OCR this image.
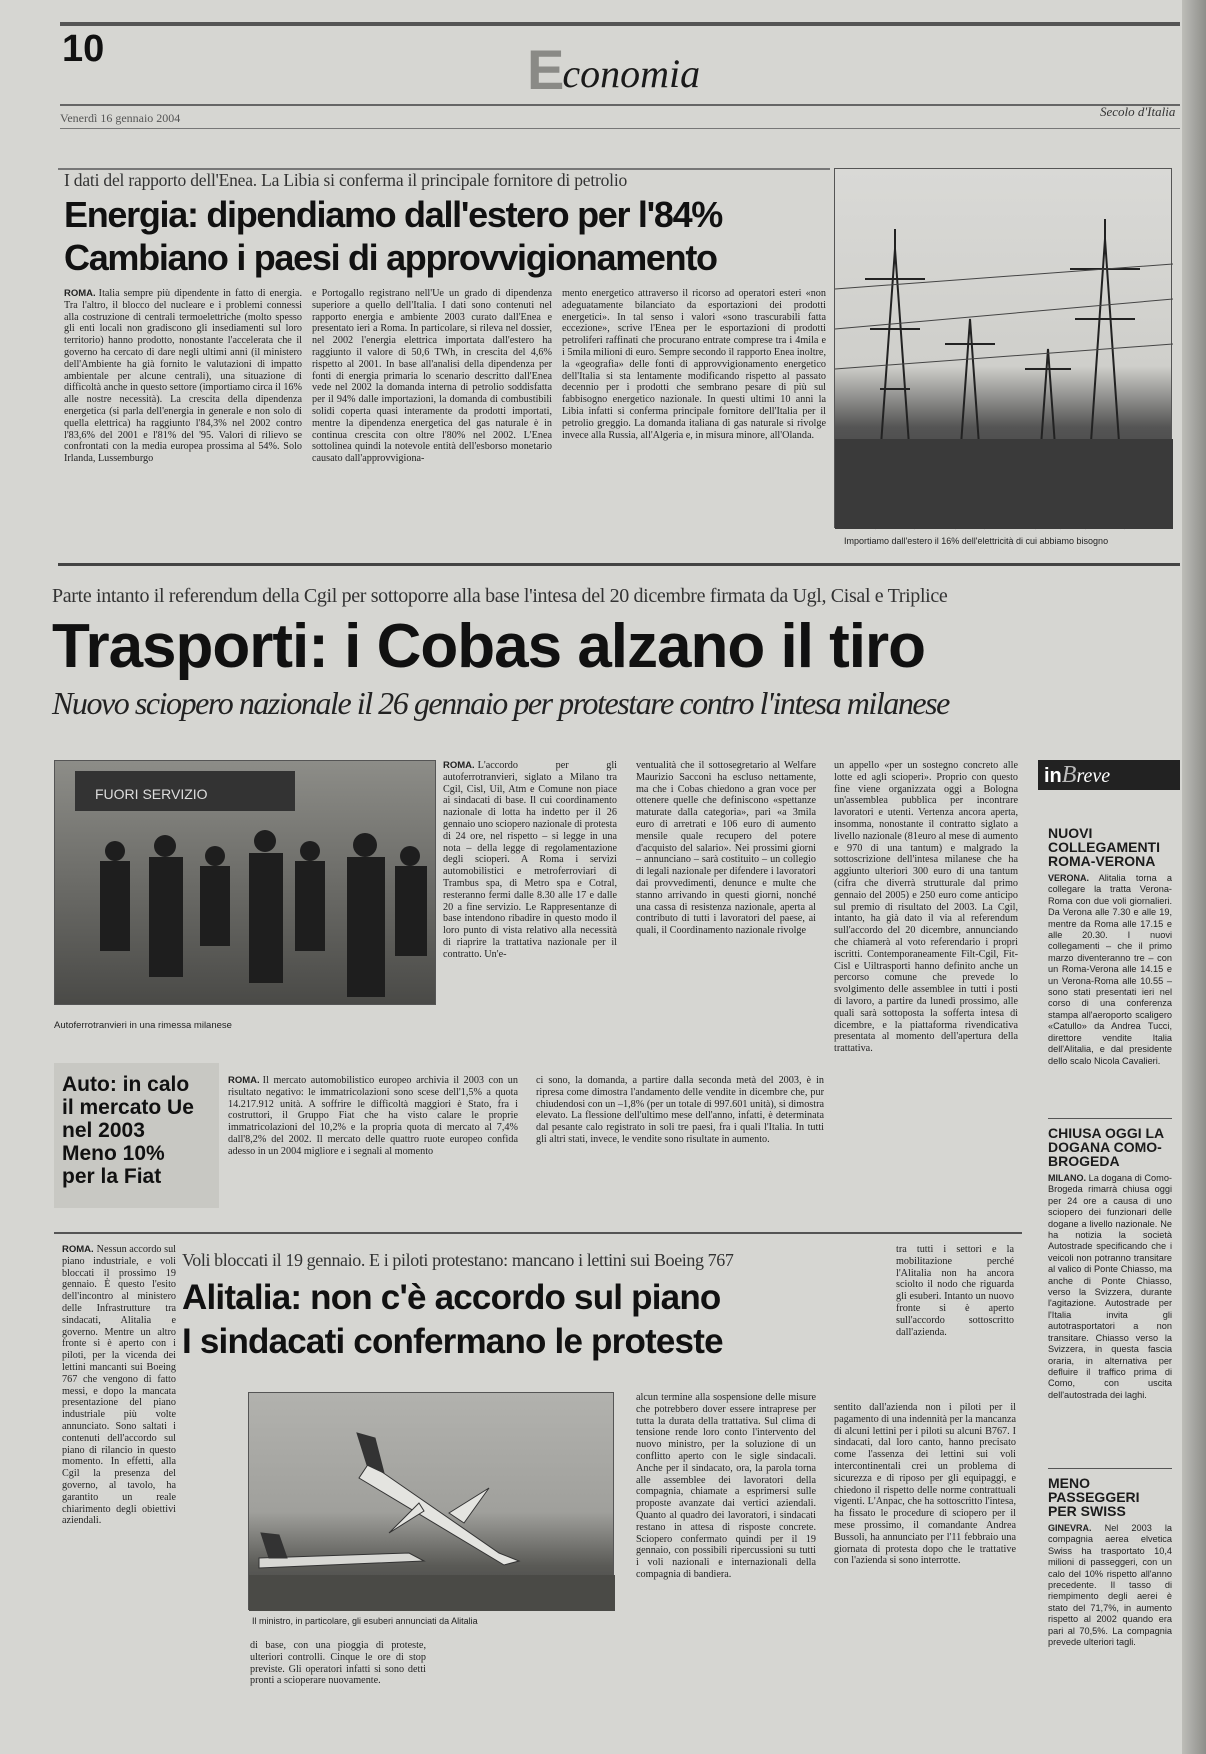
10	Economia
Venerdì 16 gennaio 2004	Secolo d'Italia
I dati del rapporto dell'Enea. La Libia si conferma il principale fornitore di petrolio
Energia: dipendiamo dall'estero per l'84%
Cambiano i paesi di approvvigionamento
ROMA. Italia sempre più dipendente in fatto di energia. Tra l'altro, il blocco del nucleare e i problemi connessi alla costruzione di centrali termoelettriche (molto spesso gli enti locali non gradiscono gli insediamenti sul loro territorio) hanno prodotto, nonostante l'accelerata che il governo ha cercato di dare negli ultimi anni (il ministero dell'Ambiente ha già fornito le valutazioni di impatto ambientale per alcune centrali), una situazione di difficoltà anche in questo settore (importiamo circa il 16% alle nostre necessità). La crescita della dipendenza energetica (si parla dell'energia in generale e non solo di quella elettrica) ha raggiunto l'84,3% nel 2002 contro l'83,6% del 2001 e l'81% del '95. Valori di rilievo se confrontati con la media europea prossima al 54%. Solo Irlanda, Lussemburgo
e Portogallo registrano nell'Ue un grado di dipendenza superiore a quello dell'Italia. I dati sono contenuti nel rapporto energia e ambiente 2003 curato dall'Enea e presentato ieri a Roma. In particolare, si rileva nel dossier, nel 2002 l'energia elettrica importata dall'estero ha raggiunto il valore di 50,6 TWh, in crescita del 4,6% rispetto al 2001. In base all'analisi della dipendenza per fonti di energia primaria lo scenario descritto dall'Enea vede nel 2002 la domanda interna di petrolio soddisfatta per il 94% dalle importazioni, la domanda di combustibili solidi coperta quasi interamente da prodotti importati, mentre la dipendenza energetica del gas naturale è in continua crescita con oltre l'80% nel 2002. L'Enea sottolinea quindi la notevole entità dell'esborso monetario causato dall'approvvigiona-
mento energetico attraverso il ricorso ad operatori esteri «non adeguatamente bilanciato da esportazioni dei prodotti energetici». In tal senso i valori «sono trascurabili fatta eccezione», scrive l'Enea per le esportazioni di prodotti petroliferi raffinati che procurano entrate comprese tra i 4mila e i 5mila milioni di euro. Sempre secondo il rapporto Enea inoltre, la «geografia» delle fonti di approvvigionamento energetico dell'Italia si sta lentamente modificando rispetto al passato decennio per i prodotti che sembrano pesare di più sul fabbisogno energetico nazionale. In questi ultimi 10 anni la Libia infatti si conferma principale fornitore dell'Italia per il petrolio greggio. La domanda italiana di gas naturale si rivolge invece alla Russia, all'Algeria e, in misura minore, all'Olanda.
Importiamo dall'estero il 16% dell'elettricità di cui abbiamo bisogno
Parte intanto il referendum della Cgil per sottoporre alla base l'intesa del 20 dicembre firmata da Ugl, Cisal e Triplice
Trasporti: i Cobas alzano il tiro
Nuovo sciopero nazionale il 26 gennaio per protestare contro l'intesa milanese
FUORI SERVIZIO
Autoferrotranvieri in una rimessa milanese
ROMA. L'accordo per gli autoferrotranvieri, siglato a Milano tra Cgil, Cisl, Uil, Atm e Comune non piace ai sindacati di base. Il cui coordinamento nazionale di lotta ha indetto per il 26 gennaio uno sciopero nazionale di protesta di 24 ore, nel rispetto – si legge in una nota – della legge di regolamentazione degli scioperi. A Roma i servizi automobilistici e metroferroviari di Trambus spa, di Metro spa e Cotral, resteranno fermi dalle 8.30 alle 17 e dalle 20 a fine servizio. Le Rappresentanze di base intendono ribadire in questo modo il loro punto di vista relativo alla necessità di riaprire la trattativa nazionale per il contratto. Un'e-
ventualità che il sottosegretario al Welfare Maurizio Sacconi ha escluso nettamente, ma che i Cobas chiedono a gran voce per ottenere quelle che definiscono «spettanze maturate dalla categoria», pari «a 3mila euro di arretrati e 106 euro di aumento mensile quale recupero del potere d'acquisto del salario». Nei prossimi giorni – annunciano – sarà costituito – un collegio di legali nazionale per difendere i lavoratori dai provvedimenti, denunce e multe che stanno arrivando in questi giorni, nonché una cassa di resistenza nazionale, aperta al contributo di tutti i lavoratori del paese, ai quali, il Coordinamento nazionale rivolge
un appello «per un sostegno concreto alle lotte ed agli scioperi». Proprio con questo fine viene organizzata oggi a Bologna un'assemblea pubblica per incontrare lavoratori e utenti. Vertenza ancora aperta, insomma, nonostante il contratto siglato a livello nazionale (81euro al mese di aumento e 970 di una tantum) e malgrado la sottoscrizione dell'intesa milanese che ha aggiunto ulteriori 300 euro di una tantum (cifra che diverrà strutturale dal primo gennaio del 2005) e 250 euro come anticipo sul premio di risultato del 2003. La Cgil, intanto, ha già dato il via al referendum sull'accordo del 20 dicembre, annunciando che chiamerà al voto referendario i propri iscritti. Contemporaneamente Filt-Cgil, Fit-Cisl e Uiltrasporti hanno definito anche un percorso comune che prevede lo svolgimento delle assemblee in tutti i posti di lavoro, a partire da lunedì prossimo, alle quali sarà sottoposta la sofferta intesa di dicembre, e la piattaforma rivendicativa presentata al momento dell'apertura della trattativa.
Auto: in calo
il mercato Ue
nel 2003
Meno 10%
per la Fiat
ROMA. Il mercato automobilistico europeo archivia il 2003 con un risultato negativo: le immatricolazioni sono scese dell'1,5% a quota 14.217.912 unità. A soffrire le difficoltà maggiori è Stato, fra i costruttori, il Gruppo Fiat che ha visto calare le proprie immatricolazioni del 10,2% e la propria quota di mercato al 7,4% dall'8,2% del 2002. Il mercato delle quattro ruote europeo confida adesso in un 2004 migliore e i segnali al momento
ci sono, la domanda, a partire dalla seconda metà del 2003, è in ripresa come dimostra l'andamento delle vendite in dicembre che, pur chiudendosi con un –1,8% (per un totale di 997.601 unità), si dimostra elevato. La flessione dell'ultimo mese dell'anno, infatti, è determinata dal pesante calo registrato in soli tre paesi, fra i quali l'Italia. In tutti gli altri stati, invece, le vendite sono risultate in aumento.
inBreve
NUOVI COLLEGAMENTI ROMA-VERONA
VERONA. Alitalia torna a collegare la tratta Verona-Roma con due voli giornalieri. Da Verona alle 7.30 e alle 19, mentre da Roma alle 17.15 e alle 20.30. I nuovi collegamenti – che il primo marzo diventeranno tre – con un Roma-Verona alle 14.15 e un Verona-Roma alle 10.55 – sono stati presentati ieri nel corso di una conferenza stampa all'aeroporto scaligero «Catullo» da Andrea Tucci, direttore vendite Italia dell'Alitalia, e dal presidente dello scalo Nicola Cavalieri.
CHIUSA OGGI LA DOGANA COMO-BROGEDA
MILANO. La dogana di Como-Brogeda rimarrà chiusa oggi per 24 ore a causa di uno sciopero dei funzionari delle dogane a livello nazionale. Ne ha notizia la società Autostrade specificando che i veicoli non potranno transitare al valico di Ponte Chiasso, ma anche di Ponte Chiasso, verso la Svizzera, durante l'agitazione. Autostrade per l'Italia invita gli autotrasportatori a non transitare. Chiasso verso la Svizzera, in questa fascia oraria, in alternativa per defluire il traffico prima di Como, con uscita dell'autostrada dei laghi.
MENO PASSEGGERI PER SWISS
GINEVRA. Nel 2003 la compagnia aerea elvetica Swiss ha trasportato 10,4 milioni di passeggeri, con un calo del 10% rispetto all'anno precedente. Il tasso di riempimento degli aerei è stato del 71,7%, in aumento rispetto al 2002 quando era pari al 70,5%. La compagnia prevede ulteriori tagli.
ROMA. Nessun accordo sul piano industriale, e voli bloccati il prossimo 19 gennaio. È questo l'esito dell'incontro al ministero delle Infrastrutture tra sindacati, Alitalia e governo. Mentre un altro fronte si è aperto con i piloti, per la vicenda dei lettini mancanti sui Boeing 767 che vengono di fatto messi, e dopo la mancata presentazione del piano industriale più volte annunciato. Sono saltati i contenuti dell'accordo sul piano di rilancio in questo momento. In effetti, alla Cgil la presenza del governo, al tavolo, ha garantito un reale chiarimento degli obiettivi aziendali.
Voli bloccati il 19 gennaio. E i piloti protestano: mancano i lettini sui Boeing 767
Alitalia: non c'è accordo sul piano
I sindacati confermano le proteste
tra tutti i settori e la mobilitazione perché l'Alitalia non ha ancora sciolto il nodo che riguarda gli esuberi. Intanto un nuovo fronte si è aperto sull'accordo sottoscritto dall'azienda.
Il ministro, in particolare, gli esuberi annunciati da Alitalia
di base, con una pioggia di proteste, ulteriori controlli. Cinque le ore di stop previste. Gli operatori infatti si sono detti pronti a scioperare nuovamente.
alcun termine alla sospensione delle misure che potrebbero dover essere intraprese per tutta la durata della trattativa. Sul clima di tensione rende loro conto l'intervento del nuovo ministro, per la soluzione di un conflitto aperto con le sigle sindacali. Anche per il sindacato, ora, la parola torna alle assemblee dei lavoratori della compagnia, chiamate a esprimersi sulle proposte avanzate dai vertici aziendali. Quanto al quadro dei lavoratori, i sindacati restano in attesa di risposte concrete. Sciopero confermato quindi per il 19 gennaio, con possibili ripercussioni su tutti i voli nazionali e internazionali della compagnia di bandiera.
sentito dall'azienda non i piloti per il pagamento di una indennità per la mancanza di alcuni lettini per i piloti su alcuni B767. I sindacati, dal loro canto, hanno precisato come l'assenza dei lettini sui voli intercontinentali crei un problema di sicurezza e di riposo per gli equipaggi, e chiedono il rispetto delle norme contrattuali vigenti. L'Anpac, che ha sottoscritto l'intesa, ha fissato le procedure di sciopero per il mese prossimo, il comandante Andrea Bussoli, ha annunciato per l'11 febbraio una giornata di protesta dopo che le trattative con l'azienda si sono interrotte.
